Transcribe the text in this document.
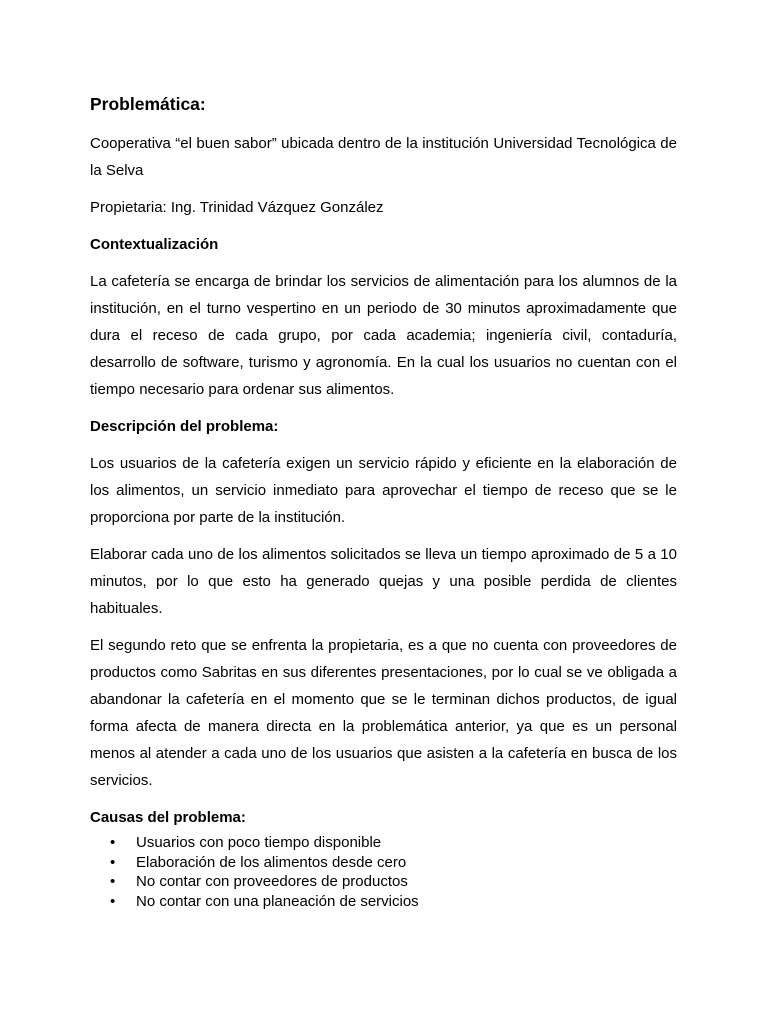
Problemática:

Cooperativa “el buen sabor” ubicada dentro de la institución Universidad Tecnológica de la Selva

Propietaria: Ing. Trinidad Vázquez González

Contextualización

La cafetería se encarga de brindar los servicios de alimentación para los alumnos de la institución, en el turno vespertino en un periodo de 30 minutos aproximadamente que dura el receso de cada grupo, por cada academia; ingeniería civil, contaduría, desarrollo de software, turismo y agronomía. En la cual los usuarios no cuentan con el tiempo necesario para ordenar sus alimentos.

Descripción del problema:

Los usuarios de la cafetería exigen un servicio rápido y eficiente en la elaboración de los alimentos, un servicio inmediato para aprovechar el tiempo de receso que se le proporciona por parte de la institución.

Elaborar cada uno de los alimentos solicitados se lleva un tiempo aproximado de 5 a 10 minutos, por lo que esto ha generado quejas y una posible perdida de clientes habituales.

El segundo reto que se enfrenta la propietaria, es a que no cuenta con proveedores de productos como Sabritas en sus diferentes presentaciones, por lo cual se ve obligada a abandonar la cafetería en el momento que se le terminan dichos productos, de igual forma afecta de manera directa en la problemática anterior, ya que es un personal menos al atender a cada uno de los usuarios que asisten a la cafetería en busca de los servicios.

Causas del problema:
• Usuarios con poco tiempo disponible
• Elaboración de los alimentos desde cero
• No contar con proveedores de productos
• No contar con una planeación de servicios
